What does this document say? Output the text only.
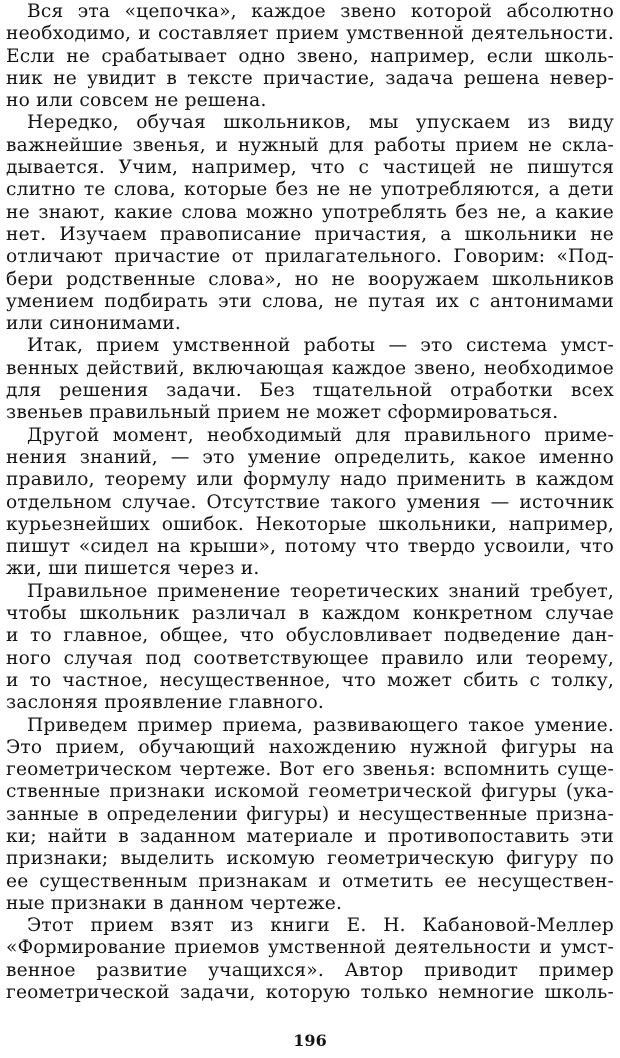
Вся эта «цепочка», каждое звено которой абсолютно
необходимо, и составляет прием умственной деятельности.
Если не срабатывает одно звено, например, если школь-
ник не увидит в тексте причастие, задача решена невер-
но или совсем не решена.
Нередко, обучая школьников, мы упускаем из виду
важнейшие звенья, и нужный для работы прием не скла-
дывается. Учим, например, что с частицей не пишутся
слитно те слова, которые без не не употребляются, а дети
не знают, какие слова можно употреблять без не, а какие
нет. Изучаем правописание причастия, а школьники не
отличают причастие от прилагательного. Говорим: «Под-
бери родственные слова», но не вооружаем школьников
умением подбирать эти слова, не путая их с антонимами
или синонимами.
Итак, прием умственной работы — это система умст-
венных действий, включающая каждое звено, необходимое
для решения задачи. Без тщательной отработки всех
звеньев правильный прием не может сформироваться.
Другой момент, необходимый для правильного приме-
нения знаний, — это умение определить, какое именно
правило, теорему или формулу надо применить в каждом
отдельном случае. Отсутствие такого умения — источник
курьезнейших ошибок. Некоторые школьники, например,
пишут «сидел на крыши», потому что твердо усвоили, что
жи, ши пишется через и.
Правильное применение теоретических знаний требует,
чтобы школьник различал в каждом конкретном случае
и то главное, общее, что обусловливает подведение дан-
ного случая под соответствующее правило или теорему,
и то частное, несущественное, что может сбить с толку,
заслоняя проявление главного.
Приведем пример приема, развивающего такое умение.
Это прием, обучающий нахождению нужной фигуры на
геометрическом чертеже. Вот его звенья: вспомнить суще-
ственные признаки искомой геометрической фигуры (ука-
занные в определении фигуры) и несущественные призна-
ки; найти в заданном материале и противопоставить эти
признаки; выделить искомую геометрическую фигуру по
ее существенным признакам и отметить ее несуществен-
ные признаки в данном чертеже.
Этот прием взят из книги Е. Н. Кабановой-Меллер
«Формирование приемов умственной деятельности и умст-
венное развитие учащихся». Автор приводит пример
геометрической задачи, которую только немногие школь-
196
